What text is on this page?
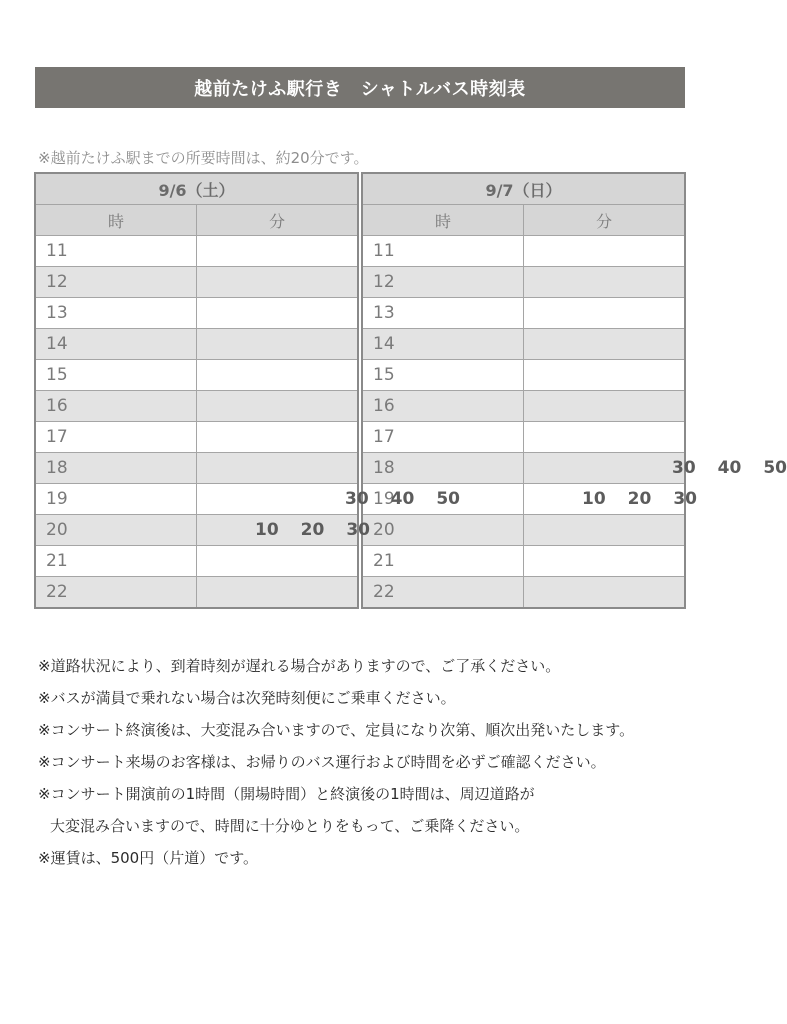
越前たけふ駅行き　シャトルバス時刻表
※越前たけふ駅までの所要時間は、約20分です。
9/6（土）	
時	分
11	
12	
13	
14	
15	
16	
17	
18	
19	30 40 50

20	10 20 30

21	
22	
9/7（日）	
時	分
11	
12	
13	
14	
15	
16	
17	
18	30 40 50

19	10 20 30

20	
21	
22	
※道路状況により、到着時刻が遅れる場合がありますので、ご了承ください。
※バスが満員で乗れない場合は次発時刻便にご乗車ください。
※コンサート終演後は、大変混み合いますので、定員になり次第、順次出発いたします。
※コンサート来場のお客様は、お帰りのバス運行および時間を必ずご確認ください。
※コンサート開演前の1時間（開場時間）と終演後の1時間は、周辺道路が
大変混み合いますので、時間に十分ゆとりをもって、ご乗降ください。
※運賃は、500円（片道）です。
